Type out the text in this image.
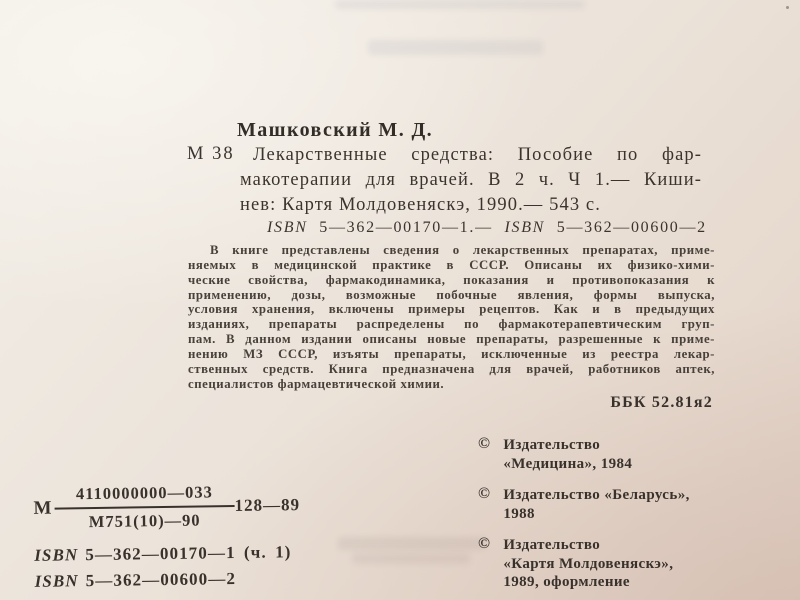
Машковский М. Д.
М 38 Лекарственные средства: Пособие по фар-
макотерапии для врачей. В 2 ч. Ч 1.— Киши-
нев: Картя Молдовеняскэ, 1990.— 543 с.
ISBN 5—362—00170—1.— ISBN 5—362—00600—2
В книге представлены сведения о лекарственных препаратах, приме-
няемых в медицинской практике в СССР. Описаны их физико-хими-
ческие свойства, фармакодинамика, показания и противопоказания к
применению, дозы, возможные побочные явления, формы выпуска,
условия хранения, включены примеры рецептов. Как и в предыдущих
изданиях, препараты распределены по фармакотерапевтическим груп-
пам. В данном издании описаны новые препараты, разрешенные к приме-
нению МЗ СССР, изъяты препараты, исключенные из реестра лекар-
ственных средств. Книга предназначена для врачей, работников аптек,
специалистов фармацевтической химии.
ББК 52.81я2
М $\frac{4110000000—033}{М751(10)—90}$ 128—89
ISBN 5—362—00170—1 (ч. 1)
ISBN 5—362—00600—2
© Издательство
«Медицина», 1984
© Издательство «Беларусь»,
1988
© Издательство
«Картя Молдовеняскэ»,
1989, оформление
